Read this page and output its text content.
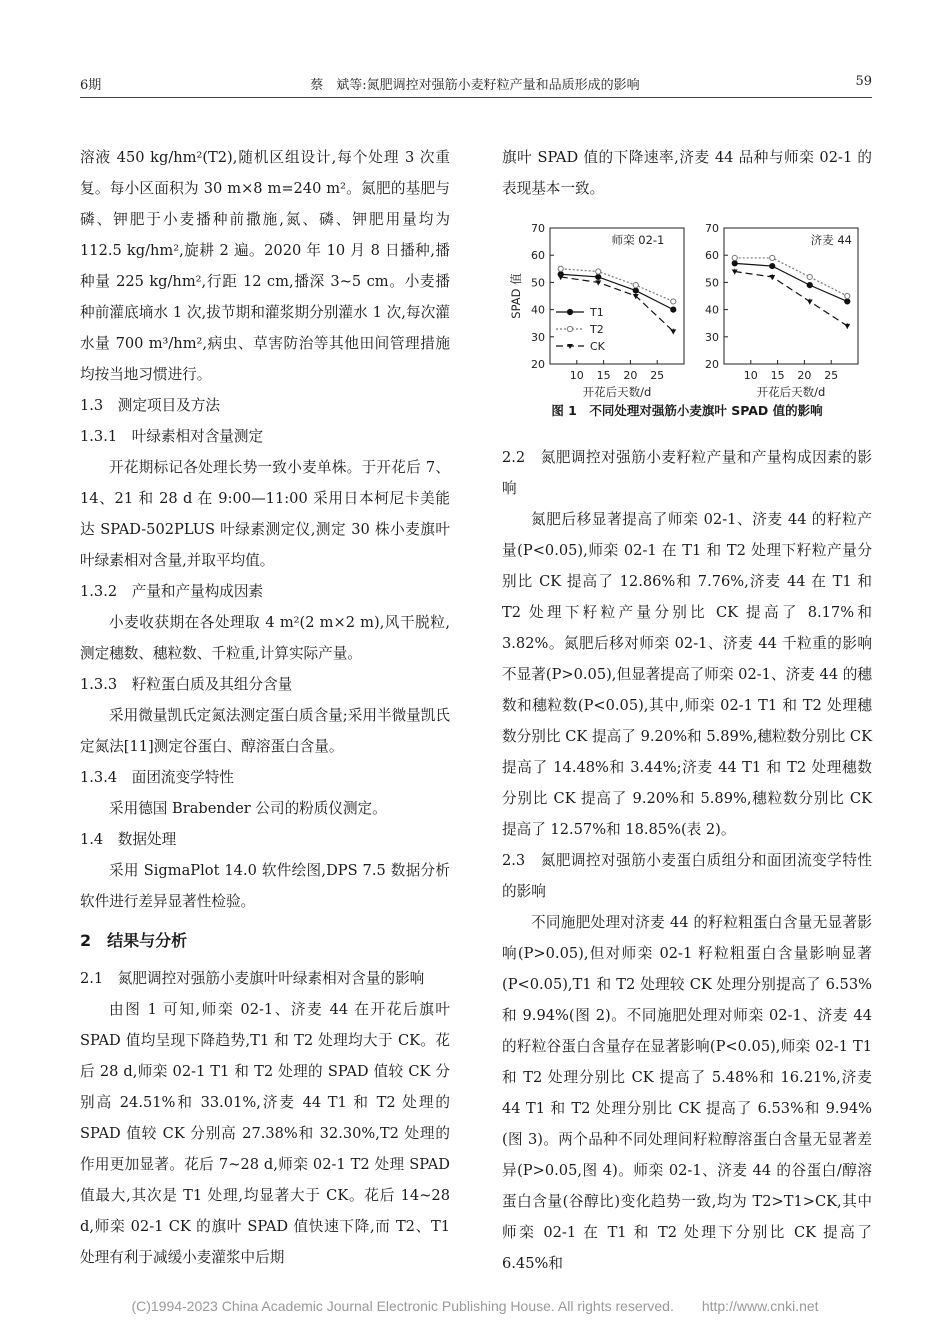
6期	蔡　斌等:氮肥调控对强筋小麦籽粒产量和品质形成的影响	59

溶液 450 kg/hm²(T2),随机区组设计,每个处理 3 次重复。每小区面积为 30 m×8 m=240 m²。氮肥的基肥与磷、钾肥于小麦播种前撒施,氮、磷、钾肥用量均为 112.5 kg/hm²,旋耕 2 遍。2020 年 10 月 8 日播种,播种量 225 kg/hm²,行距 12 cm,播深 3~5 cm。小麦播种前灌底墒水 1 次,拔节期和灌浆期分别灌水 1 次,每次灌水量 700 m³/hm²,病虫、草害防治等其他田间管理措施均按当地习惯进行。

1.3　测定项目及方法

1.3.1　叶绿素相对含量测定

开花期标记各处理长势一致小麦单株。于开花后 7、14、21 和 28 d 在 9:00—11:00 采用日本柯尼卡美能达 SPAD-502PLUS 叶绿素测定仪,测定 30 株小麦旗叶叶绿素相对含量,并取平均值。

1.3.2　产量和产量构成因素

小麦收获期在各处理取 4 m²(2 m×2 m),风干脱粒,测定穗数、穗粒数、千粒重,计算实际产量。

1.3.3　籽粒蛋白质及其组分含量

采用微量凯氏定氮法测定蛋白质含量;采用半微量凯氏定氮法[11]测定谷蛋白、醇溶蛋白含量。

1.3.4　面团流变学特性

采用德国 Brabender 公司的粉质仪测定。

1.4　数据处理

采用 SigmaPlot 14.0 软件绘图,DPS 7.5 数据分析软件进行差异显著性检验。

2　结果与分析

2.1　氮肥调控对强筋小麦旗叶叶绿素相对含量的影响

由图 1 可知,师栾 02-1、济麦 44 在开花后旗叶 SPAD 值均呈现下降趋势,T1 和 T2 处理均大于 CK。花后 28 d,师栾 02-1 T1 和 T2 处理的 SPAD 值较 CK 分别高 24.51%和 33.01%,济麦 44 T1 和 T2 处理的 SPAD 值较 CK 分别高 27.38%和 32.30%,T2 处理的作用更加显著。花后 7~28 d,师栾 02-1 T2 处理 SPAD 值最大,其次是 T1 处理,均显著大于 CK。花后 14~28 d,师栾 02-1 CK 的旗叶 SPAD 值快速下降,而 T2、T1 处理有利于减缓小麦灌浆中后期

旗叶 SPAD 值的下降速率,济麦 44 品种与师栾 02-1 的表现基本一致。

20
30
40
50
60
70
10 15 20 25
开花后天数/d
SPAD 值
师栾 02-1
T1
T2
CK
20
30
40
50
60
70
10 15 20 25
开花后天数/d
济麦 44
图 1　不同处理对强筋小麦旗叶 SPAD 值的影响

2.2　氮肥调控对强筋小麦籽粒产量和产量构成因素的影响

氮肥后移显著提高了师栾 02-1、济麦 44 的籽粒产量(P<0.05),师栾 02-1 在 T1 和 T2 处理下籽粒产量分别比 CK 提高了 12.86%和 7.76%,济麦 44 在 T1 和 T2 处理下籽粒产量分别比 CK 提高了 8.17%和 3.82%。氮肥后移对师栾 02-1、济麦 44 千粒重的影响不显著(P>0.05),但显著提高了师栾 02-1、济麦 44 的穗数和穗粒数(P<0.05),其中,师栾 02-1 T1 和 T2 处理穗数分别比 CK 提高了 9.20%和 5.89%,穗粒数分别比 CK 提高了 14.48%和 3.44%;济麦 44 T1 和 T2 处理穗数分别比 CK 提高了 9.20%和 5.89%,穗粒数分别比 CK 提高了 12.57%和 18.85%(表 2)。

2.3　氮肥调控对强筋小麦蛋白质组分和面团流变学特性的影响

不同施肥处理对济麦 44 的籽粒粗蛋白含量无显著影响(P>0.05),但对师栾 02-1 籽粒粗蛋白含量影响显著(P<0.05),T1 和 T2 处理较 CK 处理分别提高了 6.53%和 9.94%(图 2)。不同施肥处理对师栾 02-1、济麦 44 的籽粒谷蛋白含量存在显著影响(P<0.05),师栾 02-1 T1 和 T2 处理分别比 CK 提高了 5.48%和 16.21%,济麦 44 T1 和 T2 处理分别比 CK 提高了 6.53%和 9.94%(图 3)。两个品种不同处理间籽粒醇溶蛋白含量无显著差异(P>0.05,图 4)。师栾 02-1、济麦 44 的谷蛋白/醇溶蛋白含量(谷醇比)变化趋势一致,均为 T2>T1>CK,其中师栾 02-1 在 T1 和 T2 处理下分别比 CK 提高了 6.45%和

(C)1994-2023 China Academic Journal Electronic Publishing House. All rights reserved.　　http://www.cnki.net
